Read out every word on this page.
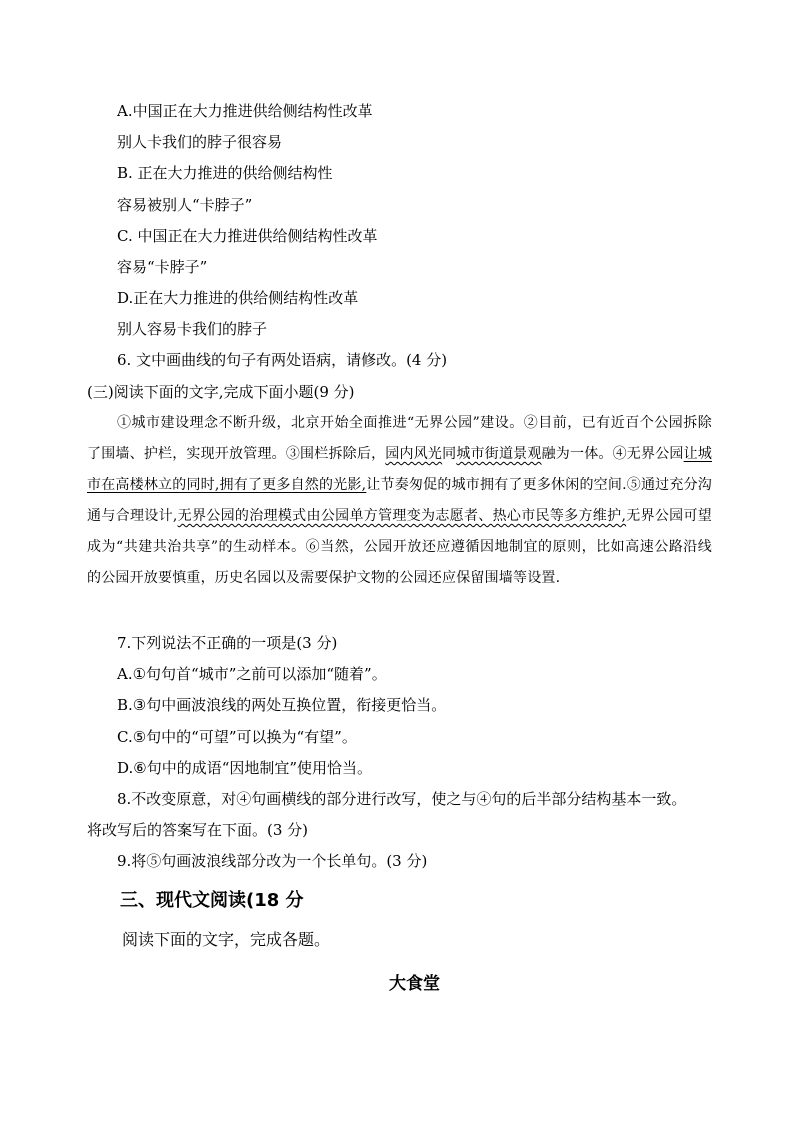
A.中国正在大力推进供给侧结构性改革
别人卡我们的脖子很容易
B. 正在大力推进的供给侧结构性
容易被别人“卡脖子”
C. 中国正在大力推进供给侧结构性改革
容易“卡脖子”
D.正在大力推进的供给侧结构性改革
别人容易卡我们的脖子
6. 文中画曲线的句子有两处语病，请修改。(4 分)
(三)阅读下面的文字,完成下面小题(9 分)
①城市建设理念不断升级，北京开始全面推进“无界公园”建设。②目前，已有近百个公园拆除了围墙、护栏，实现开放管理。③围栏拆除后，园内风光同城市街道景观融为一体。④无界公园让城市在高楼林立的同时,拥有了更多自然的光影,让节奏匆促的城市拥有了更多休闲的空间.⑤通过充分沟通与合理设计,无界公园的治理模式由公园单方管理变为志愿者、热心市民等多方维护,无界公园可望成为“共建共治共享”的生动样本。⑥当然，公园开放还应遵循因地制宜的原则，比如高速公路沿线的公园开放要慎重，历史名园以及需要保护文物的公园还应保留围墙等设置.
7.下列说法不正确的一项是(3 分)
A.①句句首“城市”之前可以添加“随着”。
B.③句中画波浪线的两处互换位置，衔接更恰当。
C.⑤句中的“可望”可以换为“有望”。
D.⑥句中的成语“因地制宜”使用恰当。
8.不改变原意，对④句画横线的部分进行改写，使之与④句的后半部分结构基本一致。
将改写后的答案写在下面。(3 分)
9.将⑤句画波浪线部分改为一个长单句。(3 分)
三、现代文阅读(18 分
阅读下面的文字，完成各题。
大食堂
